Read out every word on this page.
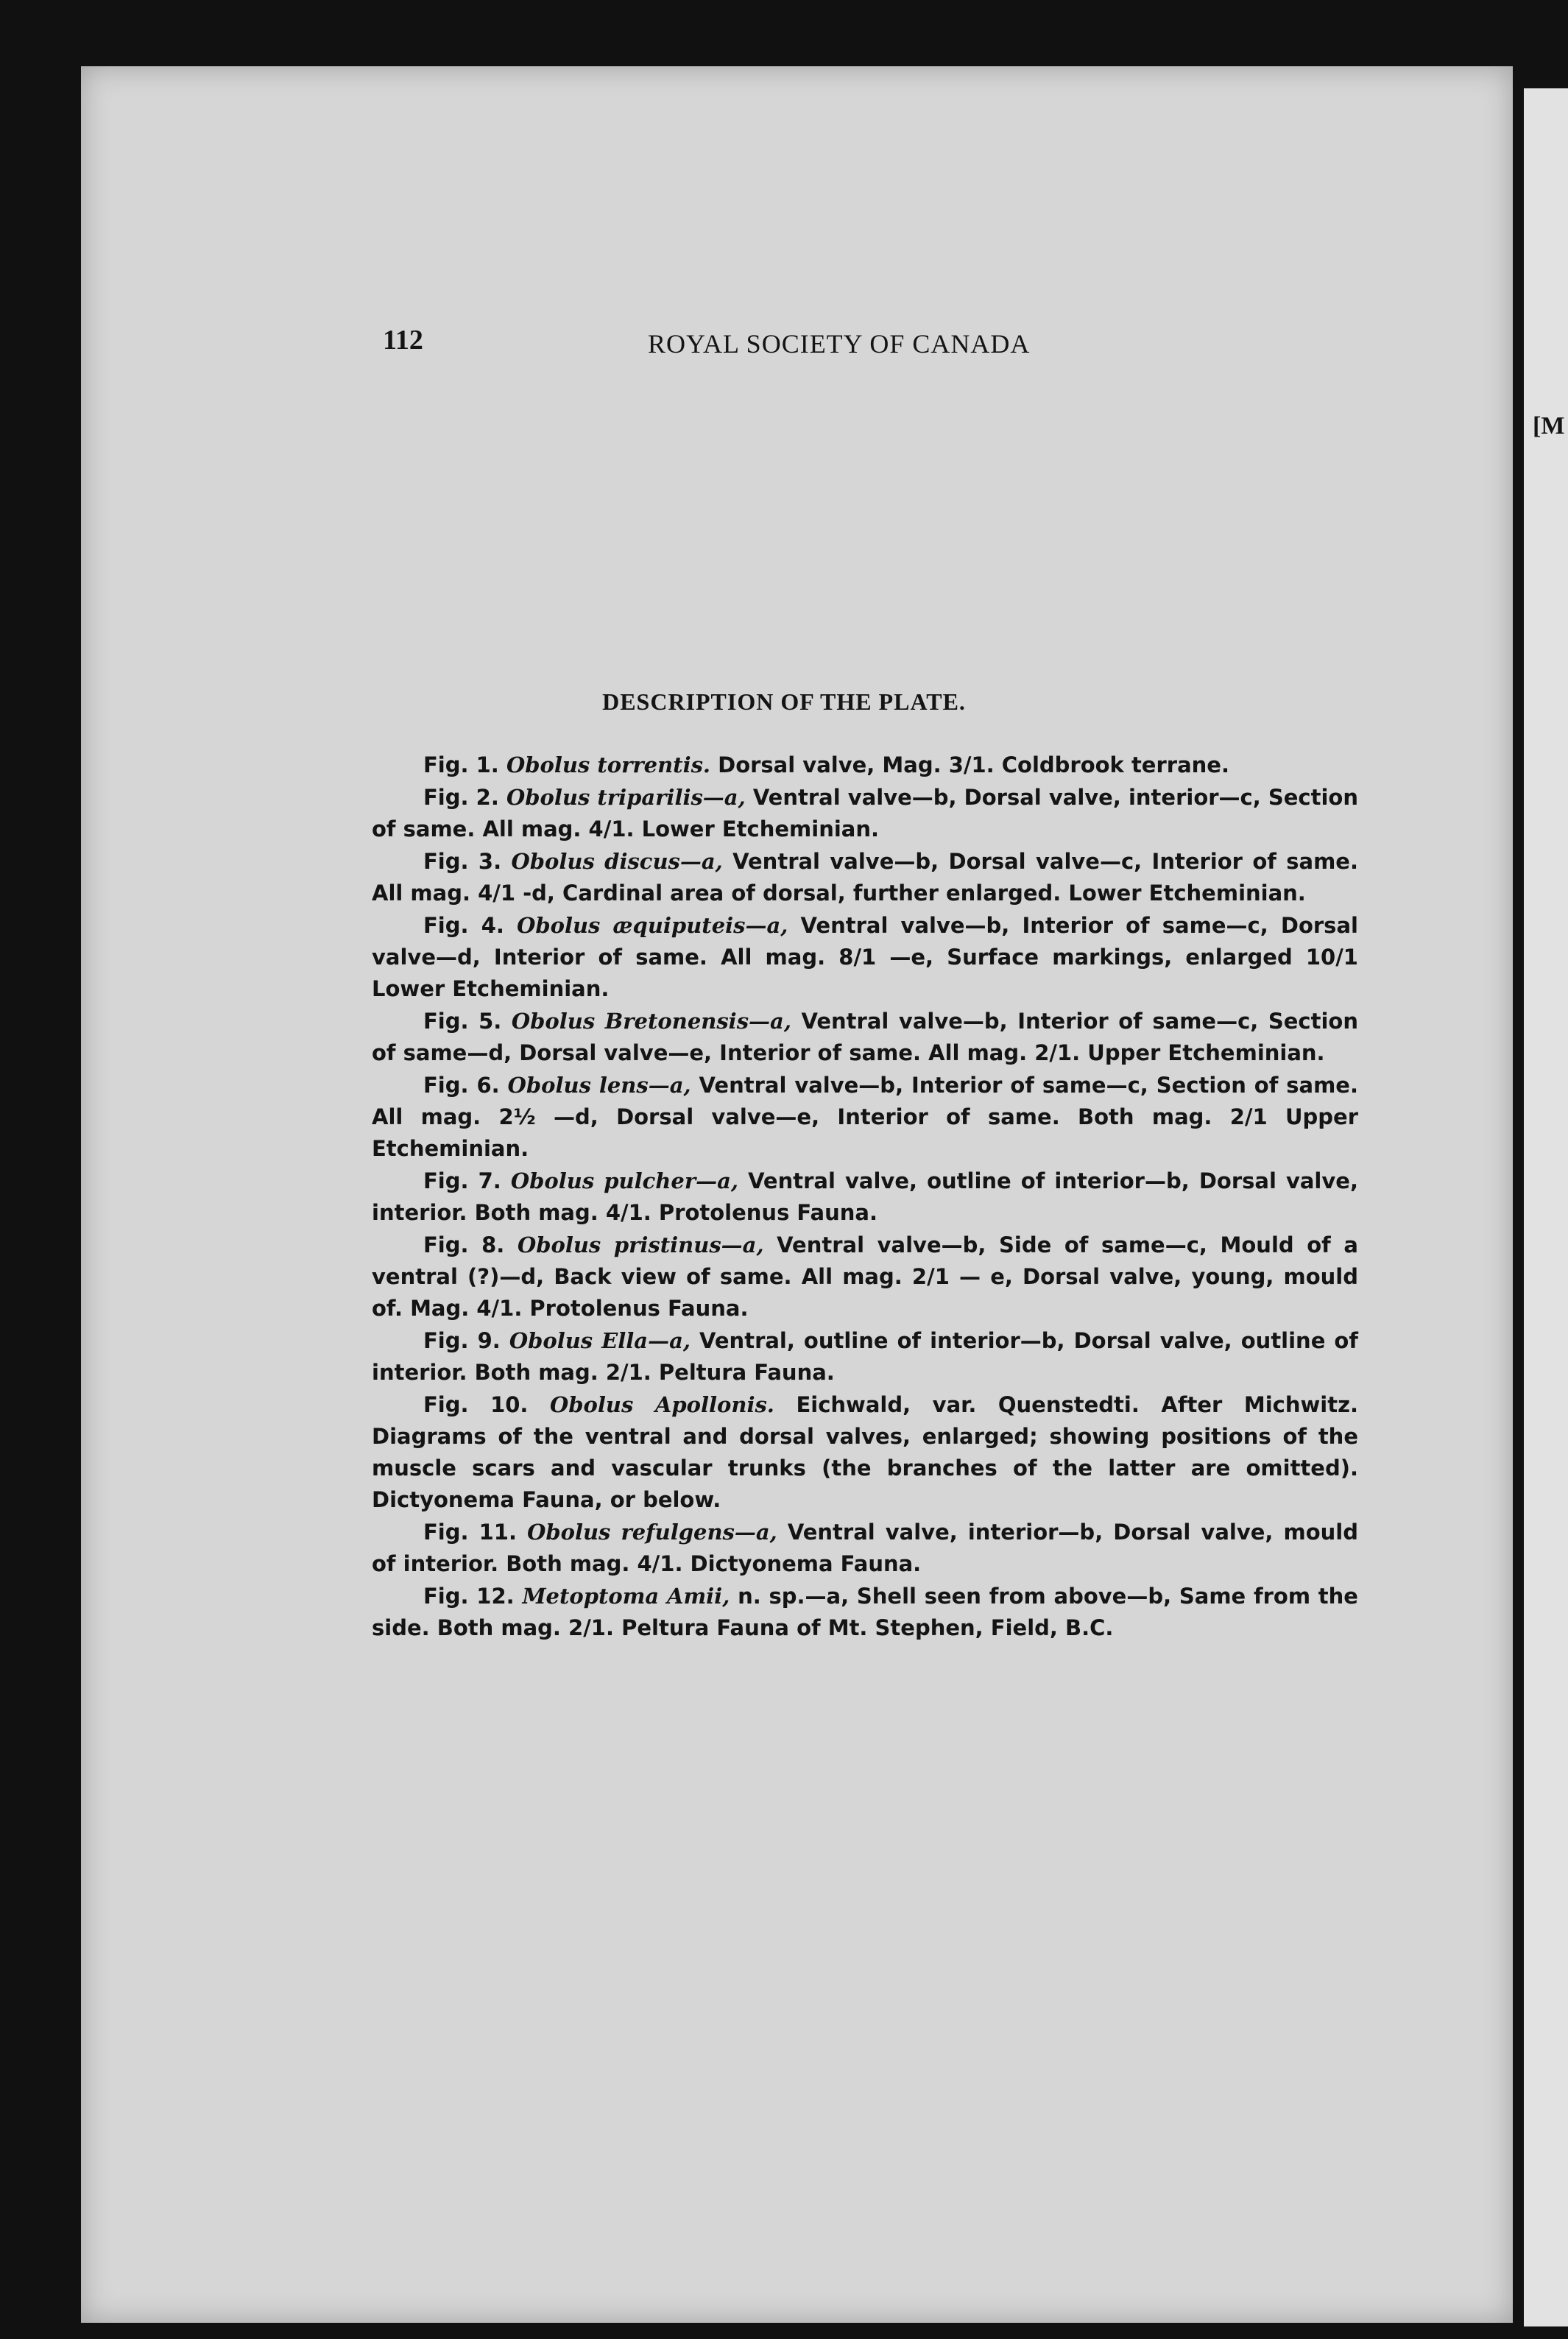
[M
112	ROYAL SOCIETY OF CANADA
DESCRIPTION OF THE PLATE.

Fig. 1. Obolus torrentis. Dorsal valve, Mag. 3/1. Coldbrook terrane.

Fig. 2. Obolus triparilis—a, Ventral valve—b, Dorsal valve, interior—c, Section of same. All mag. 4/1. Lower Etcheminian.

Fig. 3. Obolus discus—a, Ventral valve—b, Dorsal valve—c, Interior of same. All mag. 4/1 -d, Cardinal area of dorsal, further enlarged. Lower Etcheminian.

Fig. 4. Obolus æquiputeis—a, Ventral valve—b, Interior of same—c, Dorsal valve—d, Interior of same. All mag. 8/1 —e, Surface markings, enlarged 10/1 Lower Etcheminian.

Fig. 5. Obolus Bretonensis—a, Ventral valve—b, Interior of same—c, Section of same—d, Dorsal valve—e, Interior of same. All mag. 2/1. Upper Etcheminian.

Fig. 6. Obolus lens—a, Ventral valve—b, Interior of same—c, Section of same. All mag. 2½ —d, Dorsal valve—e, Interior of same. Both mag. 2/1 Upper Etcheminian.

Fig. 7. Obolus pulcher—a, Ventral valve, outline of interior—b, Dorsal valve, interior. Both mag. 4/1. Protolenus Fauna.

Fig. 8. Obolus pristinus—a, Ventral valve—b, Side of same—c, Mould of a ventral (?)—d, Back view of same. All mag. 2/1 — e, Dorsal valve, young, mould of. Mag. 4/1. Protolenus Fauna.

Fig. 9. Obolus Ella—a, Ventral, outline of interior—b, Dorsal valve, outline of interior. Both mag. 2/1. Peltura Fauna.

Fig. 10. Obolus Apollonis. Eichwald, var. Quenstedti. After Michwitz. Diagrams of the ventral and dorsal valves, enlarged; showing positions of the muscle scars and vascular trunks (the branches of the latter are omitted). Dictyonema Fauna, or below.

Fig. 11. Obolus refulgens—a, Ventral valve, interior—b, Dorsal valve, mould of interior. Both mag. 4/1. Dictyonema Fauna.

Fig. 12. Metoptoma Amii, n. sp.—a, Shell seen from above—b, Same from the side. Both mag. 2/1. Peltura Fauna of Mt. Stephen, Field, B.C.
